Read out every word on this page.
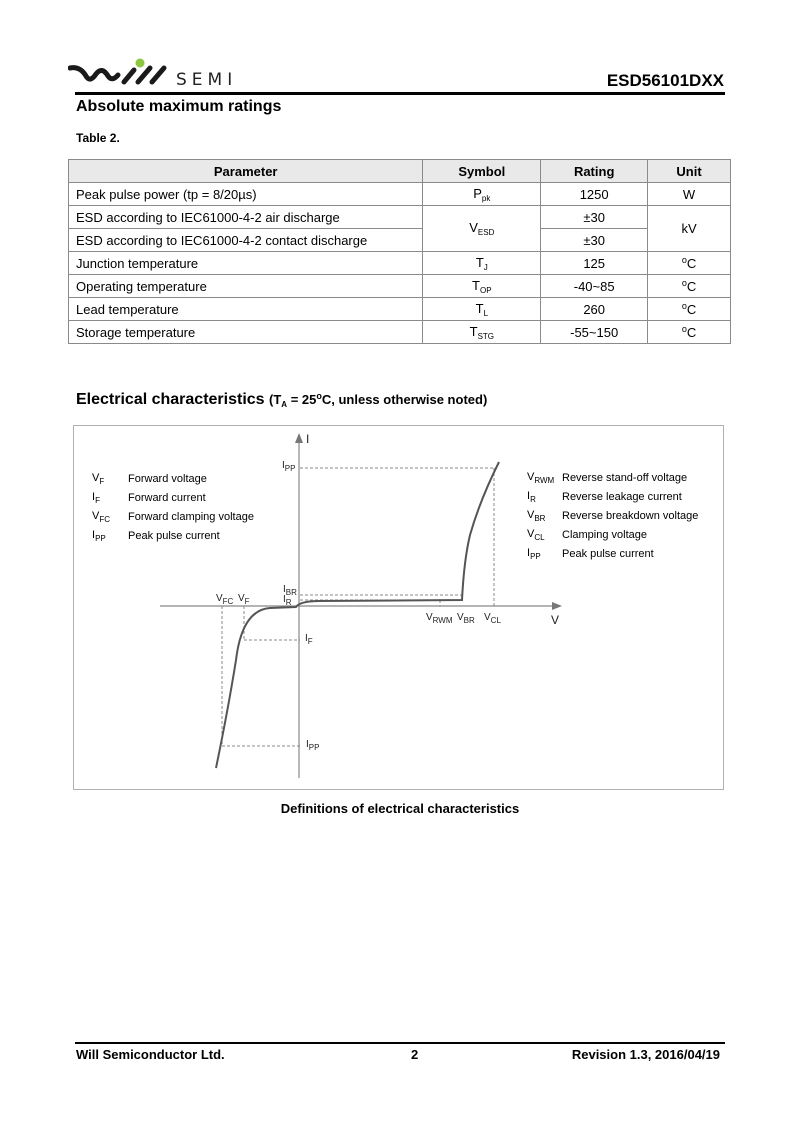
SEMI	ESD56101DXX
Absolute maximum ratings
Table 2.
Parameter	Symbol	Rating	Unit
Peak pulse power (tp = 8/20µs)	$P_{pk}$	1250	W
ESD according to IEC61000-4-2 air discharge	$V_{ESD}$	±30	kV
ESD according to IEC61000-4-2 contact discharge		±30	
Junction temperature	$T_J$	125	$^o$C
Operating temperature	$T_{OP}$	-40~85	$^o$C
Lead temperature	$T_L$	260	$^o$C
Storage temperature	$T_{STG}$	-55~150	$^o$C
Electrical characteristics ($T_A = 25^oC$, unless otherwise noted)
I
V
$I_{PP}$
$I_{BR}$
$I_R$
$I_F$
$I_{PP}$
$V_{FC}$ $V_F$
$V_{RWM}$ $V_{BR}$ $V_{CL}$
$V_F$	Forward voltage
$I_F$	Forward current
$V_{FC}$	Forward clamping voltage
$I_{PP}$	Peak pulse current
$V_{RWM}$ Reverse stand-off voltage
$I_R$	Reverse leakage current
$V_{BR}$	Reverse breakdown voltage
$V_{CL}$	Clamping voltage
$I_{PP}$	Peak pulse current
Definitions of electrical characteristics
Will Semiconductor Ltd.	2	Revision 1.3, 2016/04/19
